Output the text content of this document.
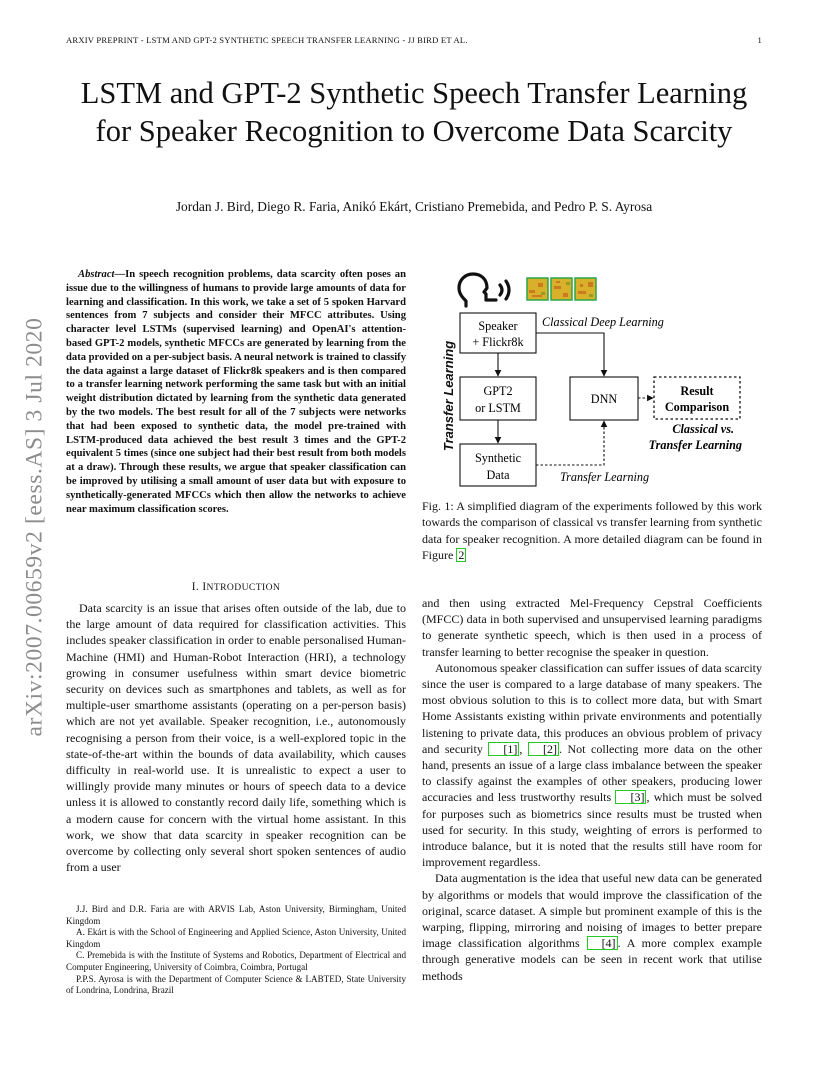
ARXIV PREPRINT - LSTM AND GPT-2 SYNTHETIC SPEECH TRANSFER LEARNING - JJ BIRD ET AL.	1
arXiv:2007.00659v2 [eess.AS] 3 Jul 2020
LSTM and GPT-2 Synthetic Speech Transfer Learning for Speaker Recognition to Overcome Data Scarcity
Jordan J. Bird, Diego R. Faria, Anikó Ekárt, Cristiano Premebida, and Pedro P. S. Ayrosa
Abstract—In speech recognition problems, data scarcity often poses an issue due to the willingness of humans to provide large amounts of data for learning and classification. In this work, we take a set of 5 spoken Harvard sentences from 7 subjects and consider their MFCC attributes. Using character level LSTMs (supervised learning) and OpenAI's attention-based GPT-2 models, synthetic MFCCs are generated by learning from the data provided on a per-subject basis. A neural network is trained to classify the data against a large dataset of Flickr8k speakers and is then compared to a transfer learning network performing the same task but with an initial weight distribution dictated by learning from the synthetic data generated by the two models. The best result for all of the 7 subjects were networks that had been exposed to synthetic data, the model pre-trained with LSTM-produced data achieved the best result 3 times and the GPT-2 equivalent 5 times (since one subject had their best result from both models at a draw). Through these results, we argue that speaker classification can be improved by utilising a small amount of user data but with exposure to synthetically-generated MFCCs which then allow the networks to achieve near maximum classification scores.
I. INTRODUCTION

Data scarcity is an issue that arises often outside of the lab, due to the large amount of data required for classification activities. This includes speaker classification in order to enable personalised Human-Machine (HMI) and Human-Robot Interaction (HRI), a technology growing in consumer usefulness within smart device biometric security on devices such as smartphones and tablets, as well as for multiple-user smarthome assistants (operating on a per-person basis) which are not yet available. Speaker recognition, i.e., autonomously recognising a person from their voice, is a well-explored topic in the state-of-the-art within the bounds of data availability, which causes difficulty in real-world use. It is unrealistic to expect a user to willingly provide many minutes or hours of speech data to a device unless it is allowed to constantly record daily life, something which is a modern cause for concern with the virtual home assistant. In this work, we show that data scarcity in speaker recognition can be overcome by collecting only several short spoken sentences of audio from a user

J.J. Bird and D.R. Faria are with ARVIS Lab, Aston University, Birmingham, United Kingdom

A. Ekárt is with the School of Engineering and Applied Science, Aston University, United Kingdom

C. Premebida is with the Institute of Systems and Robotics, Department of Electrical and Computer Engineering, University of Coimbra, Coimbra, Portugal

P.P.S. Ayrosa is with the Department of Computer Science & LABTED, State University of Londrina, Londrina, Brazil

Transfer Learning
Speaker
+ Flickr8k
GPT2
or LSTM
Synthetic
Data
DNN
Result
Comparison
Classical Deep Learning
Classical vs.
Transfer Learning
Transfer Learning
Fig. 1: A simplified diagram of the experiments followed by this work towards the comparison of classical vs transfer learning from synthetic data for speaker recognition. A more detailed diagram can be found in Figure 2

and then using extracted Mel-Frequency Cepstral Coefficients (MFCC) data in both supervised and unsupervised learning paradigms to generate synthetic speech, which is then used in a process of transfer learning to better recognise the speaker in question.

Autonomous speaker classification can suffer issues of data scarcity since the user is compared to a large database of many speakers. The most obvious solution to this is to collect more data, but with Smart Home Assistants existing within private environments and potentially listening to private data, this produces an obvious problem of privacy and security [1] , [2] . Not collecting more data on the other hand, presents an issue of a large class imbalance between the speaker to classify against the examples of other speakers, producing lower accuracies and less trustworthy results [3] , which must be solved for purposes such as biometrics since results must be trusted when used for security. In this study, weighting of errors is performed to introduce balance, but it is noted that the results still have room for improvement regardless.

Data augmentation is the idea that useful new data can be generated by algorithms or models that would improve the classification of the original, scarce dataset. A simple but prominent example of this is the warping, flipping, mirroring and noising of images to better prepare image classification algorithms [4] . A more complex example through generative models can be seen in recent work that utilise methods
